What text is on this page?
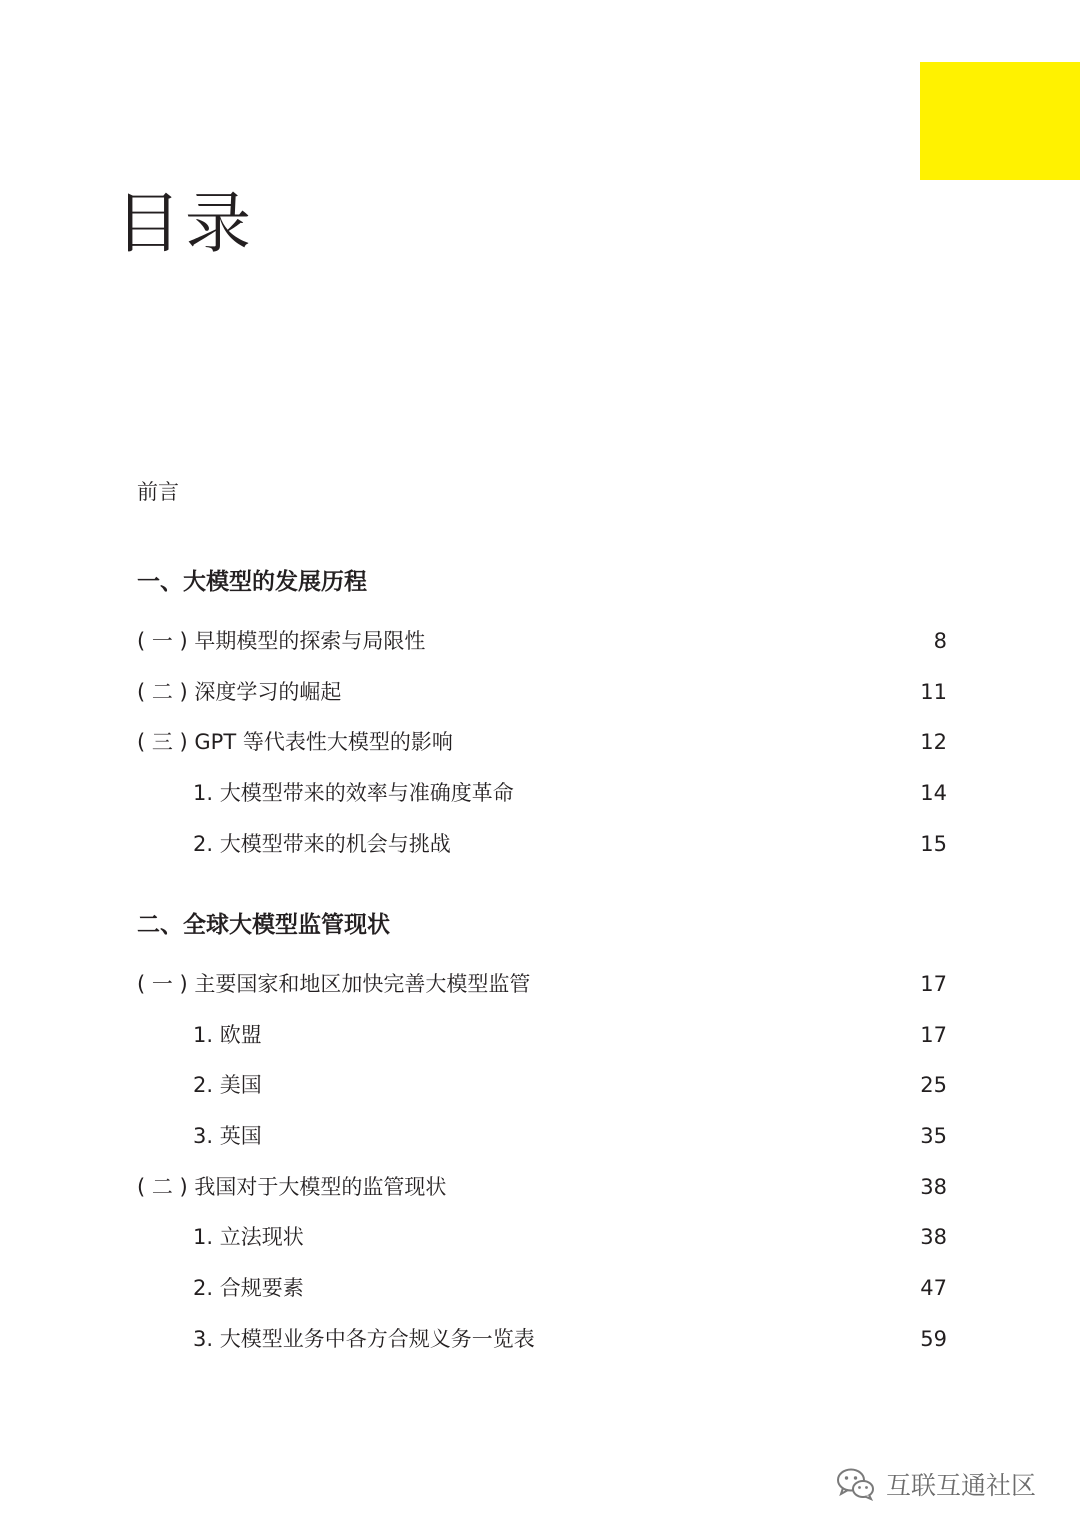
目录
前言
一、大模型的发展历程
( 一 ) 早期模型的探索与局限性	8
( 二 ) 深度学习的崛起	11
( 三 ) GPT 等代表性大模型的影响	12
1. 大模型带来的效率与准确度革命	14
2. 大模型带来的机会与挑战	15
二、全球大模型监管现状
( 一 ) 主要国家和地区加快完善大模型监管	17
1. 欧盟	17
2. 美国	25
3. 英国	35
( 二 ) 我国对于大模型的监管现状	38
1. 立法现状	38
2. 合规要素	47
3. 大模型业务中各方合规义务一览表	59
互联互通社区
